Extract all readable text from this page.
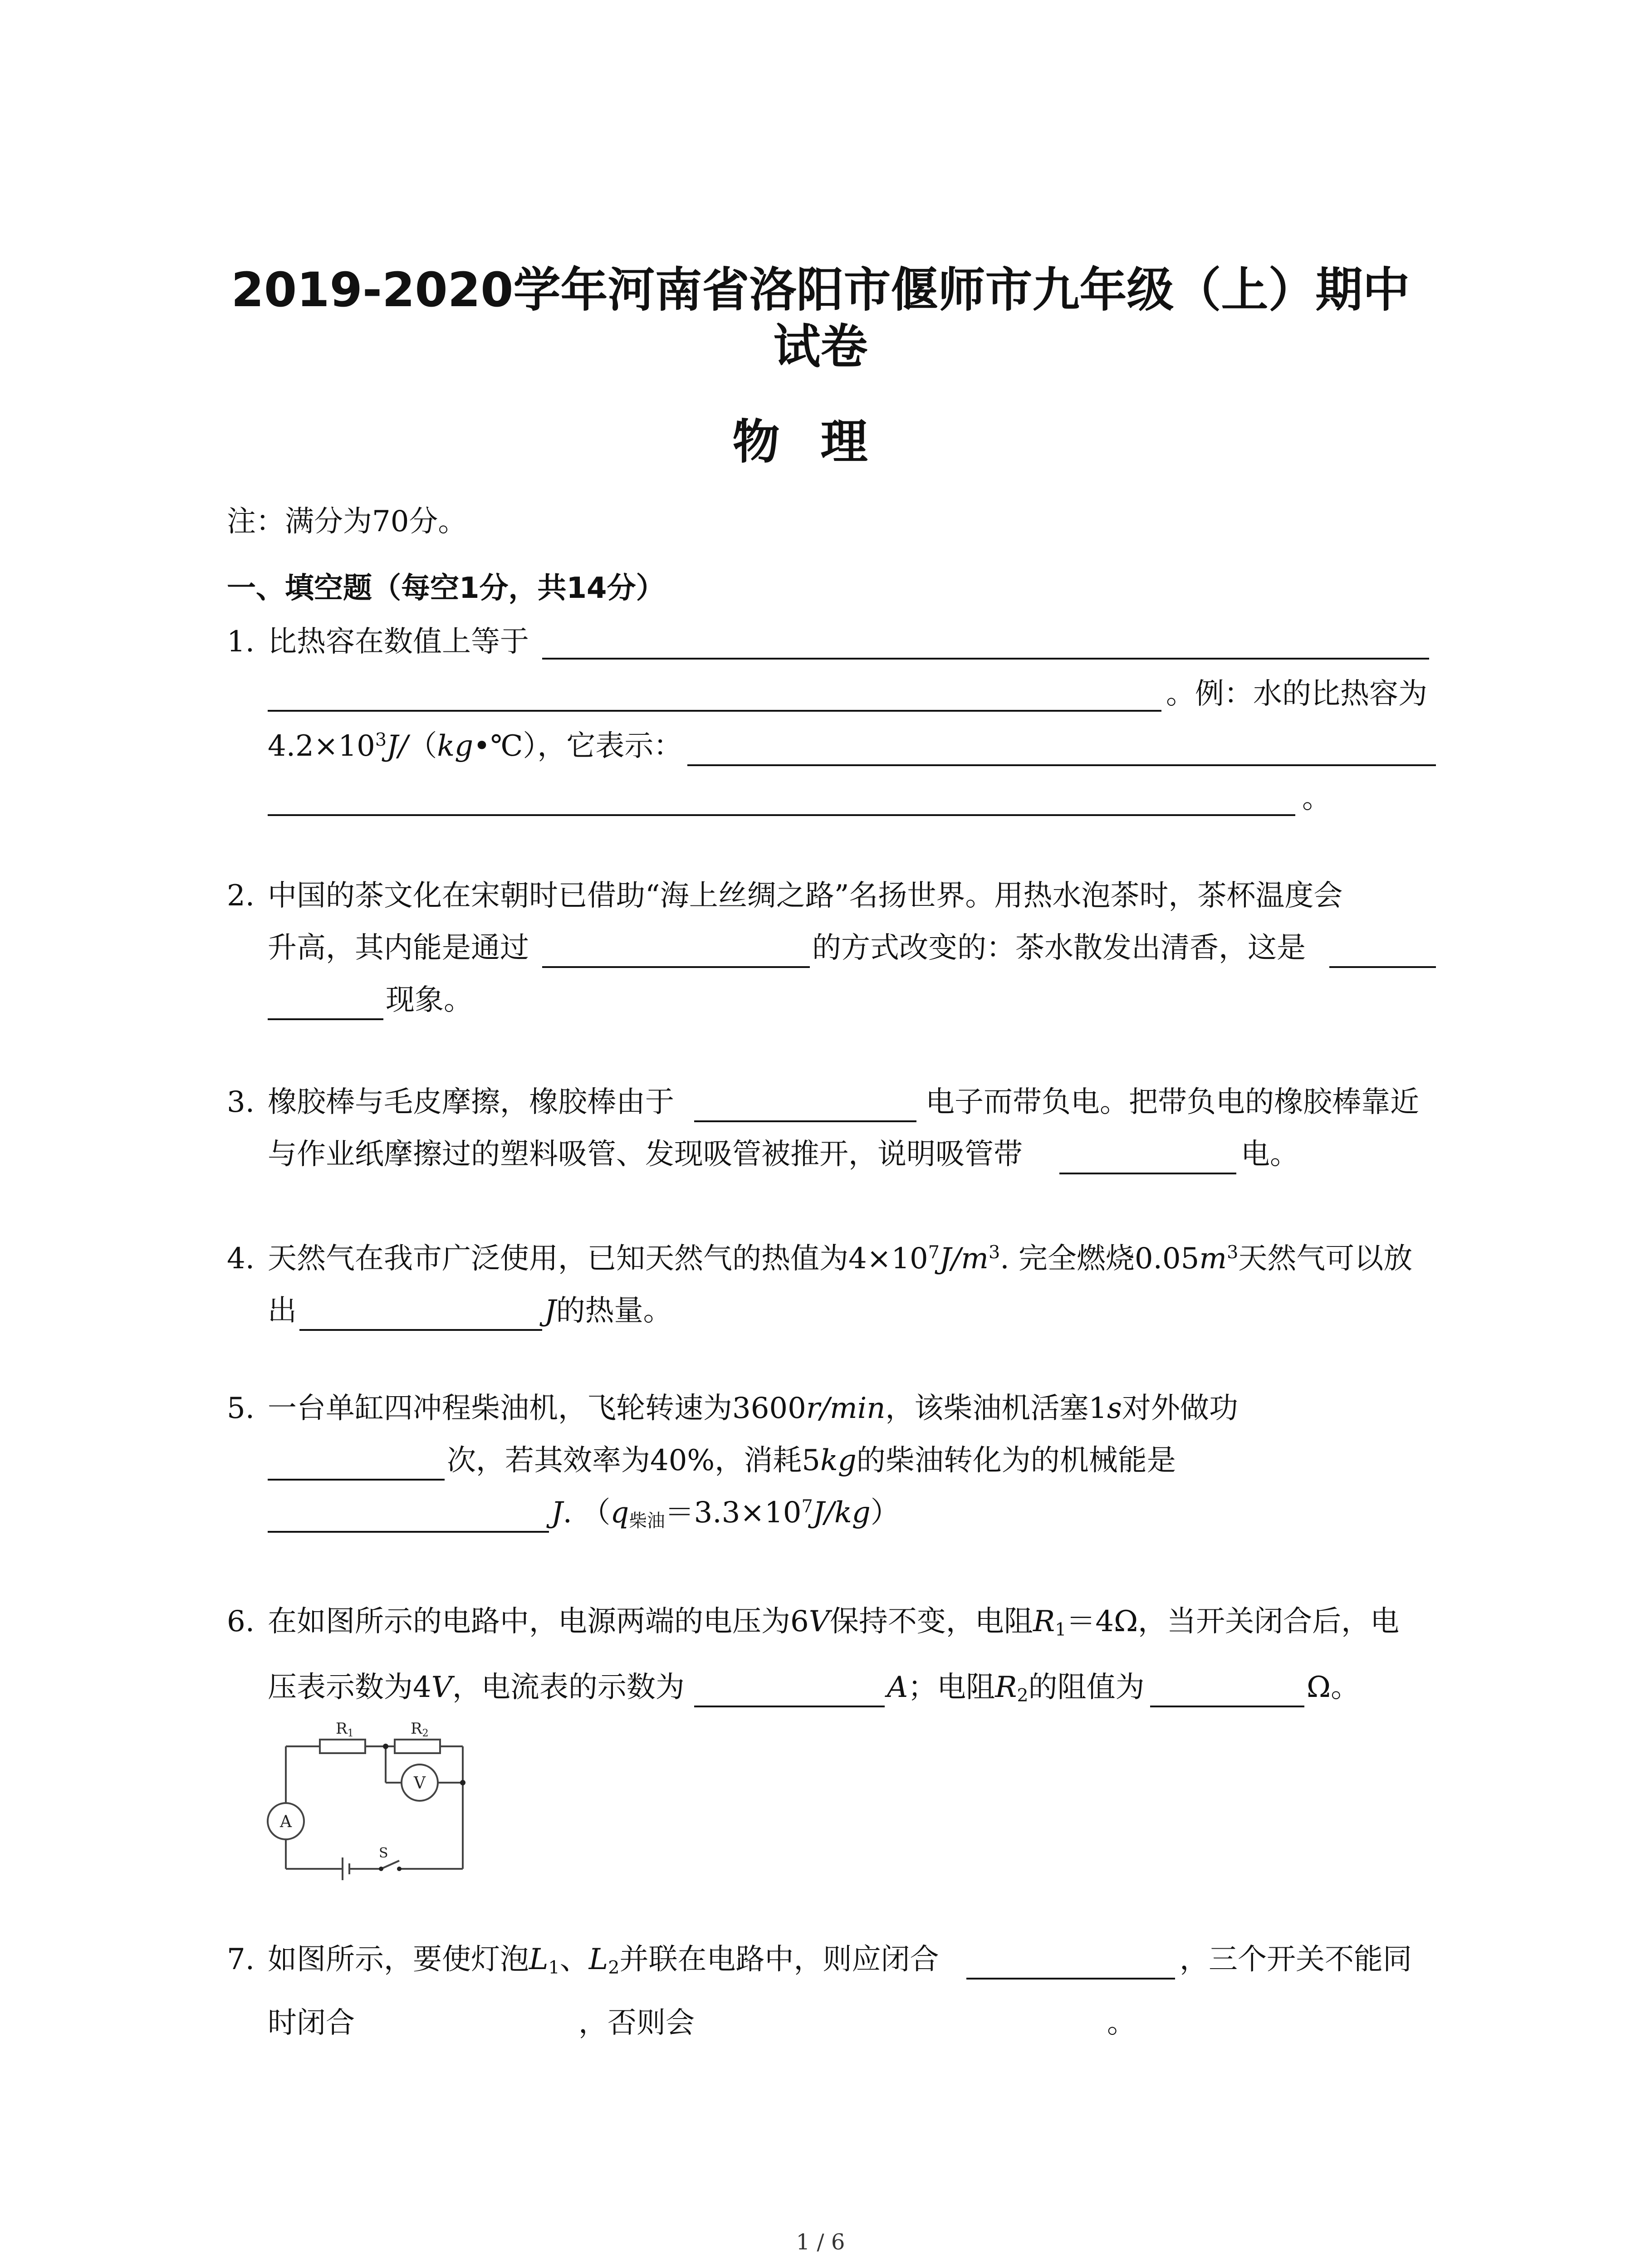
2019-2020学年河南省洛阳市偃师市九年级（上）期中
试卷
物理
注：满分为70分。
一、填空题（每空1分，共14分）
1. 比热容在数值上等于
。例：水的比热容为
$4.2\times 10^3J/(kg•℃)$，它表示：
。
2. 中国的茶文化在宋朝时已借助“海上丝绸之路”名扬世界。用热水泡茶时，茶杯温度会
升高，其内能是通过	的方式改变的：茶水散发出清香，这是
现象。
3. 橡胶棒与毛皮摩擦，橡胶棒由于	电子而带负电。把带负电的橡胶棒靠近
与作业纸摩擦过的塑料吸管、发现吸管被推开，说明吸管带	电。
4. 天然气在我市广泛使用，已知天然气的热值为$4\times 10^7J/m^3$. 完全燃烧$0.05m^3$天然气可以放
出	J的热量。
5. 一台单缸四冲程柴油机，飞轮转速为3600r/min，该柴油机活塞1s对外做功
次，若其效率为40%，消耗5kg的柴油转化为的机械能是
J. $(q_{柴油}=3.3\times 10^7J/kg)$
6. 在如图所示的电路中，电源两端的电压为6V保持不变，电阻$R_1=4\Omega$，当开关闭合后，电
压表示数为4V，电流表的示数为	A；电阻$R_2$的阻值为	Ω。
R1	R2
V
A
S
7. 如图所示，要使灯泡$L_1$、$L_2$并联在电路中，则应闭合	，三个开关不能同
时闭合	，否则会	。
1 / 6
